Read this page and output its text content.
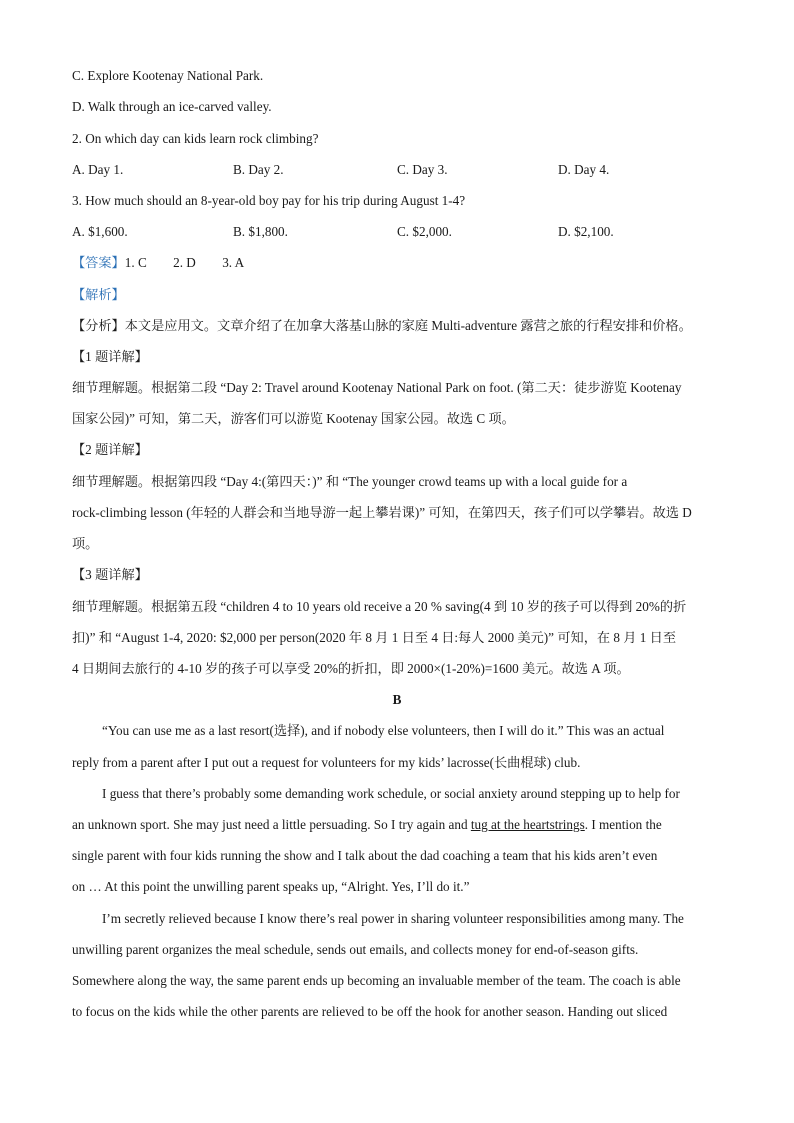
C. Explore Kootenay National Park.
D. Walk through an ice-carved valley.
2. On which day can kids learn rock climbing?
A. Day 1.	B. Day 2.	C. Day 3.	D. Day 4.
3. How much should an 8-year-old boy pay for his trip during August 1-4?
A. $1,600.	B. $1,800.	C. $2,000.	D. $2,100.
【答案】1. C        2. D        3. A
【解析】
【分析】本文是应用文。文章介绍了在加拿大落基山脉的家庭 Multi-adventure 露营之旅的行程安排和价格。
【1 题详解】
细节理解题。根据第二段 “Day 2: Travel around Kootenay National Park on foot. (第二天：徒步游览 Kootenay
国家公园)” 可知，第二天，游客们可以游览 Kootenay 国家公园。故选 C 项。
【2 题详解】
细节理解题。根据第四段 “Day 4:(第四天：)” 和 “The younger crowd teams up with a local guide for a
rock-climbing lesson (年轻的人群会和当地导游一起上攀岩课)” 可知，在第四天，孩子们可以学攀岩。故选 D
项。
【3 题详解】
细节理解题。根据第五段 “children 4 to 10 years old receive a 20 % saving(4 到 10 岁的孩子可以得到 20%的折
扣)” 和 “August 1-4, 2020: $2,000 per person(2020 年 8 月 1 日至 4 日:每人 2000 美元)” 可知，在 8 月 1 日至
4 日期间去旅行的 4-10 岁的孩子可以享受 20%的折扣，即 2000×(1-20%)=1600 美元。故选 A 项。
B
“You can use me as a last resort(选择), and if nobody else volunteers, then I will do it.” This was an actual
reply from a parent after I put out a request for volunteers for my kids’ lacrosse(长曲棍球) club.
I guess that there’s probably some demanding work schedule, or social anxiety around stepping up to help for
an unknown sport. She may just need a little persuading. So I try again and tug at the heartstrings. I mention the
single parent with four kids running the show and I talk about the dad coaching a team that his kids aren’t even
on … At this point the unwilling parent speaks up, “Alright. Yes, I’ll do it.”
I’m secretly relieved because I know there’s real power in sharing volunteer responsibilities among many. The
unwilling parent organizes the meal schedule, sends out emails, and collects money for end-of-season gifts.
Somewhere along the way, the same parent ends up becoming an invaluable member of the team. The coach is able
to focus on the kids while the other parents are relieved to be off the hook for another season. Handing out sliced
